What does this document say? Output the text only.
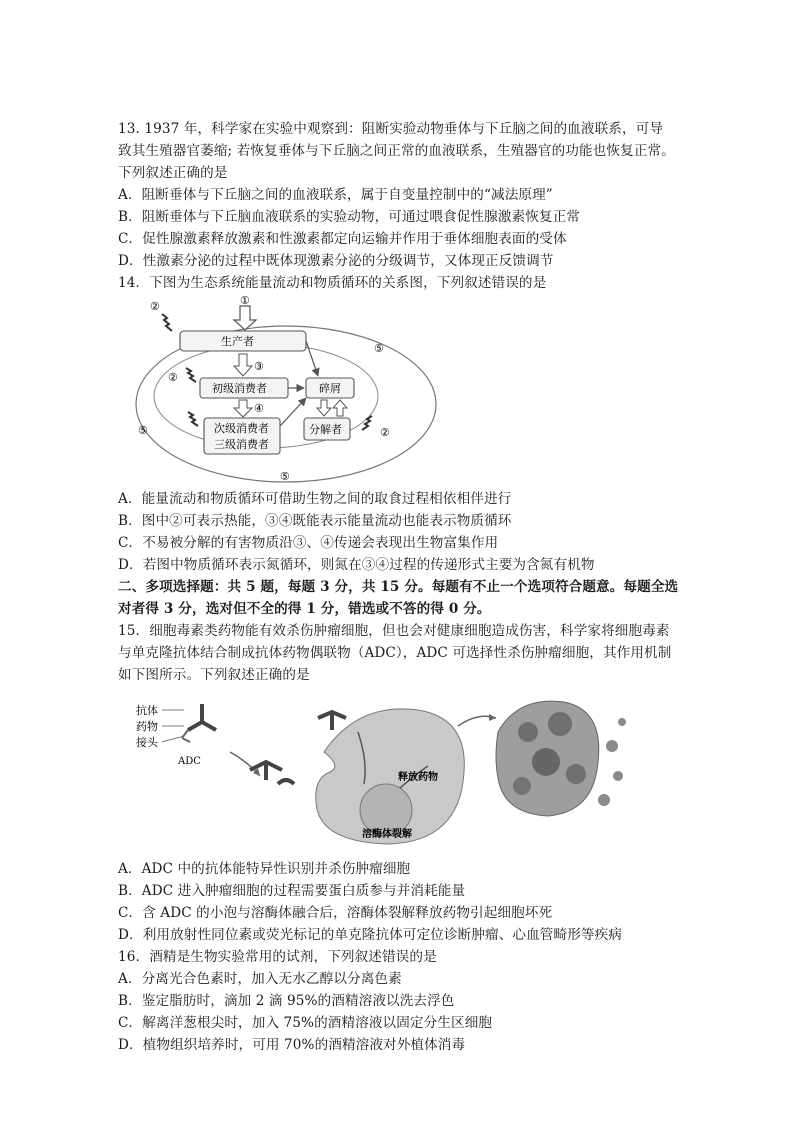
13. 1937 年，科学家在实验中观察到：阻断实验动物垂体与下丘脑之间的血液联系，可导
致其生殖器官萎缩; 若恢复垂体与下丘脑之间正常的血液联系，生殖器官的功能也恢复正常。
下列叙述正确的是
A．阻断垂体与下丘脑之间的血液联系，属于自变量控制中的“减法原理”
B．阻断垂体与下丘脑血液联系的实验动物，可通过喂食促性腺激素恢复正常
C．促性腺激素释放激素和性激素都定向运输并作用于垂体细胞表面的受体
D．性激素分泌的过程中既体现激素分泌的分级调节，又体现正反馈调节
14．下图为生态系统能量流动和物质循环的关系图，下列叙述错误的是
①
生产者
初级消费者
次级消费者
三级消费者
碎屑
分解者
③
④
②
②
②
⑤
⑤
⑤
A．能量流动和物质循环可借助生物之间的取食过程相依相伴进行
B．图中②可表示热能，③④既能表示能量流动也能表示物质循环
C．不易被分解的有害物质沿③、④传递会表现出生物富集作用
D．若图中物质循环表示氮循环，则氮在③④过程的传递形式主要为含氮有机物
二、多项选择题：共 5 题，每题 3 分，共 15 分。每题有不止一个选项符合题意。每题全选
对者得 3 分，选对但不全的得 1 分，错选或不答的得 0 分。
15．细胞毒素类药物能有效杀伤肿瘤细胞，但也会对健康细胞造成伤害，科学家将细胞毒素
与单克隆抗体结合制成抗体药物偶联物（ADC），ADC 可选择性杀伤肿瘤细胞，其作用机制
如下图所示。下列叙述正确的是
抗体
药物
接头
ADC
释放药物
溶酶体裂解
A．ADC 中的抗体能特异性识别并杀伤肿瘤细胞
B．ADC 进入肿瘤细胞的过程需要蛋白质参与并消耗能量
C．含 ADC 的小泡与溶酶体融合后，溶酶体裂解释放药物引起细胞坏死
D．利用放射性同位素或荧光标记的单克隆抗体可定位诊断肿瘤、心血管畸形等疾病
16．酒精是生物实验常用的试剂，下列叙述错误的是
A．分离光合色素时，加入无水乙醇以分离色素
B．鉴定脂肪时，滴加 2 滴 95%的酒精溶液以洗去浮色
C．解离洋葱根尖时，加入 75%的酒精溶液以固定分生区细胞
D．植物组织培养时，可用 70%的酒精溶液对外植体消毒
